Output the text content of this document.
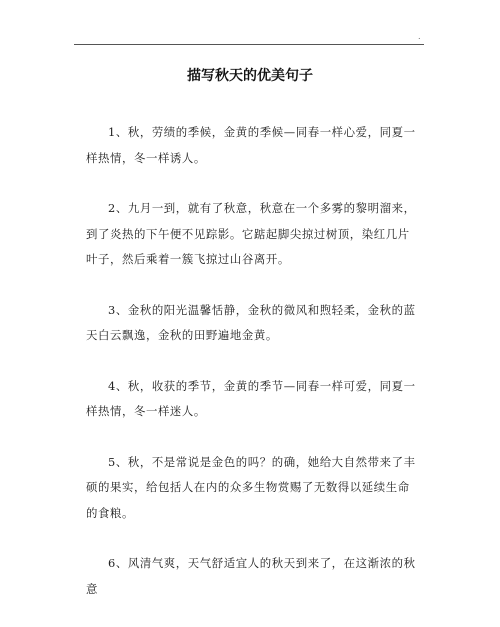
.
描写秋天的优美句子

1、秋，劳绩的季候，金黄的季候—同春一样心爱，同夏一样热情，冬一样诱人。

2、九月一到，就有了秋意，秋意在一个多雾的黎明溜来，到了炎热的下午便不见踪影。它踮起脚尖掠过树顶，染红几片叶子，然后乘着一簇飞掠过山谷离开。

3、金秋的阳光温馨恬静，金秋的微风和煦轻柔，金秋的蓝天白云飘逸，金秋的田野遍地金黄。

4、秋，收获的季节，金黄的季节—同春一样可爱，同夏一样热情，冬一样迷人。

5、秋，不是常说是金色的吗？的确，她给大自然带来了丰硕的果实，给包括人在内的众多生物赏赐了无数得以延续生命的食粮。

6、风清气爽，天气舒适宜人的秋天到来了，在这渐浓的秋意
